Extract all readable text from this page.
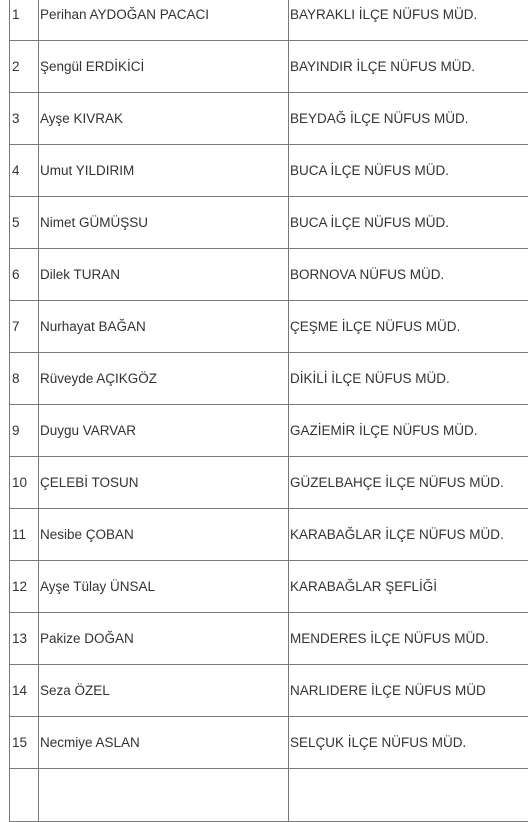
1	Perihan AYDOĞAN PACACI	BAYRAKLI İLÇE NÜFUS MÜD.
2	Şengül ERDİKİCİ	BAYINDIR İLÇE NÜFUS MÜD.
3	Ayşe KIVRAK	BEYDAĞ İLÇE NÜFUS MÜD.
4	Umut YILDIRIM	BUCA İLÇE NÜFUS MÜD.
5	Nimet GÜMÜŞSU	BUCA İLÇE NÜFUS MÜD.
6	Dilek TURAN	BORNOVA NÜFUS MÜD.
7	Nurhayat BAĞAN	ÇEŞME İLÇE NÜFUS MÜD.
8	Rüveyde AÇIKGÖZ	DİKİLİ İLÇE NÜFUS MÜD.
9	Duygu VARVAR	GAZİEMİR İLÇE NÜFUS MÜD.
10	ÇELEBİ TOSUN	GÜZELBAHÇE İLÇE NÜFUS MÜD.
11	Nesibe ÇOBAN	KARABAĞLAR İLÇE NÜFUS MÜD.
12	Ayşe Tülay ÜNSAL	KARABAĞLAR ŞEFLİĞİ
13	Pakize DOĞAN	MENDERES İLÇE NÜFUS MÜD.
14	Seza ÖZEL	NARLIDERE İLÇE NÜFUS MÜD
15	Necmiye ASLAN	SELÇUK İLÇE NÜFUS MÜD.
